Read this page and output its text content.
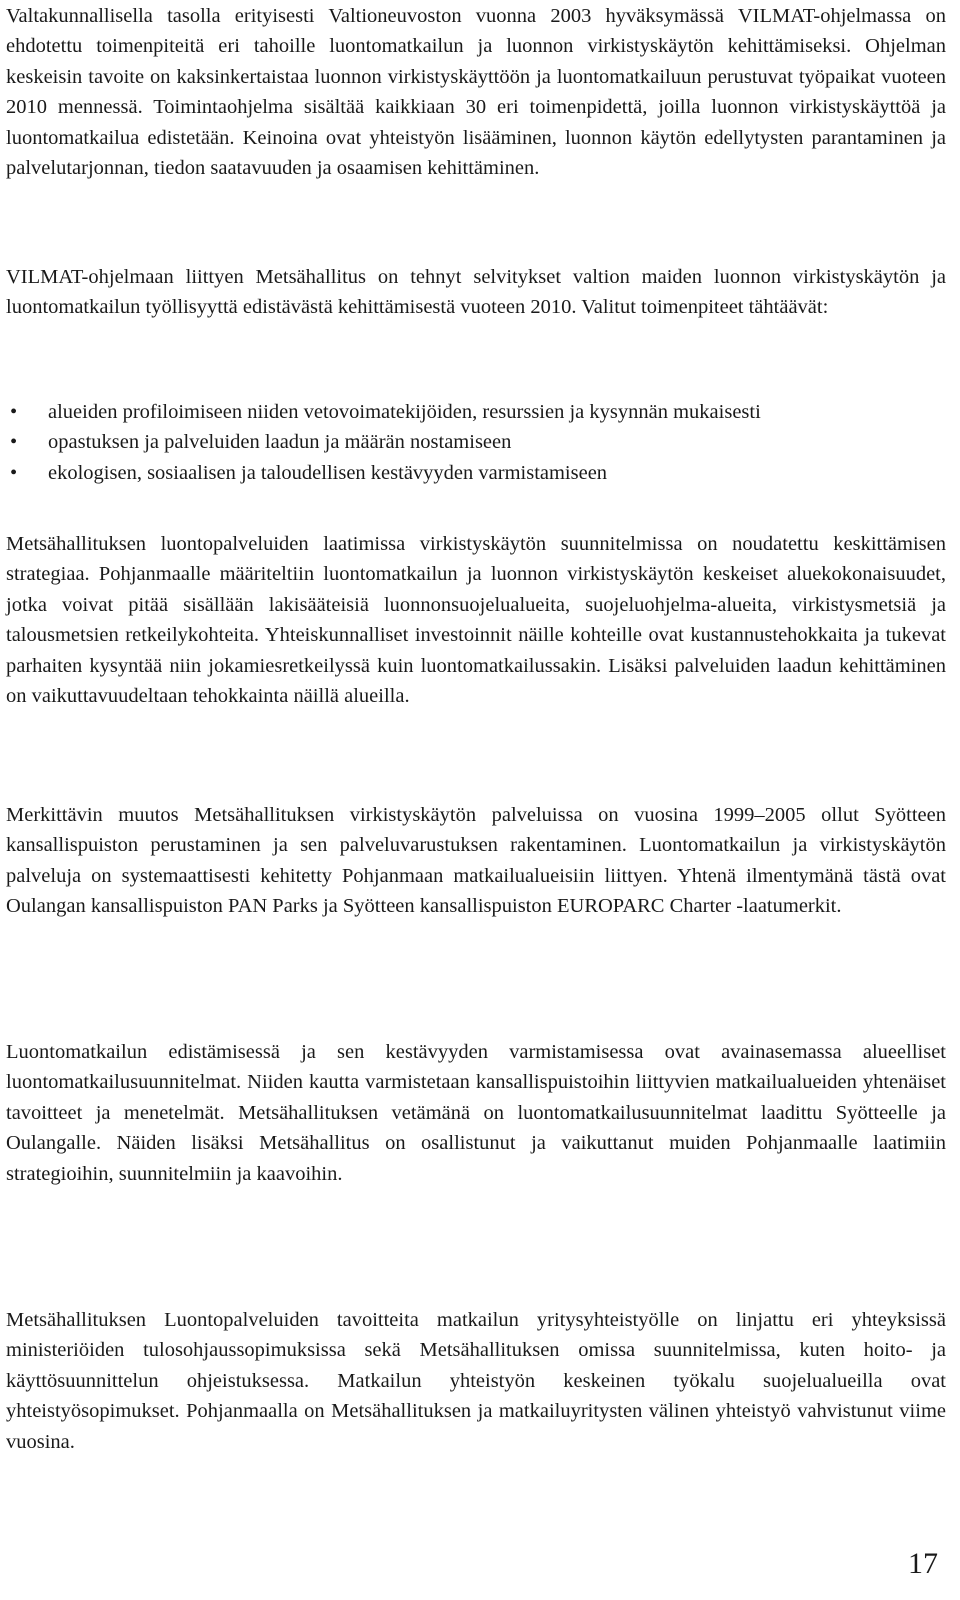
Valtakunnallisella tasolla erityisesti Valtioneuvoston vuonna 2003 hyväksymässä VILMAT-ohjelmassa on ehdotettu toimenpiteitä eri tahoille luontomatkailun ja luonnon virkistyskäytön kehittämiseksi. Ohjelman keskeisin tavoite on kaksinkertaistaa luonnon virkistyskäyttöön ja luontomatkailuun perustuvat työpaikat vuoteen 2010 mennessä. Toimintaohjelma sisältää kaikkiaan 30 eri toimenpidettä, joilla luonnon virkistyskäyttöä ja luontomatkailua edistetään. Keinoina ovat yhteistyön lisääminen, luonnon käytön edellytysten parantaminen ja palvelutarjonnan, tiedon saatavuuden ja osaamisen kehittäminen.

VILMAT-ohjelmaan liittyen Metsähallitus on tehnyt selvitykset valtion maiden luonnon virkistyskäytön ja luontomatkailun työllisyyttä edistävästä kehittämisestä vuoteen 2010. Valitut toimenpiteet tähtäävät:

• alueiden profiloimiseen niiden vetovoimatekijöiden, resurssien ja kysynnän mukaisesti
• opastuksen ja palveluiden laadun ja määrän nostamiseen
• ekologisen, sosiaalisen ja taloudellisen kestävyyden varmistamiseen

Metsähallituksen luontopalveluiden laatimissa virkistyskäytön suunnitelmissa on noudatettu keskittämisen strategiaa. Pohjanmaalle määriteltiin luontomatkailun ja luonnon virkistyskäytön keskeiset aluekokonaisuudet, jotka voivat pitää sisällään lakisääteisiä luonnonsuojelualueita, suojeluohjelma-alueita, virkistysmetsiä ja talousmetsien retkeilykohteita. Yhteiskunnalliset investoinnit näille kohteille ovat kustannustehokkaita ja tukevat parhaiten kysyntää niin jokamiesretkeilyssä kuin luontomatkailussakin. Lisäksi palveluiden laadun kehittäminen on vaikuttavuudeltaan tehokkainta näillä alueilla.

Merkittävin muutos Metsähallituksen virkistyskäytön palveluissa on vuosina 1999–2005 ollut Syötteen kansallispuiston perustaminen ja sen palveluvarustuksen rakentaminen. Luontomatkailun ja virkistyskäytön palveluja on systemaattisesti kehitetty Pohjanmaan matkailualueisiin liittyen. Yhtenä ilmentymänä tästä ovat Oulangan kansallispuiston PAN Parks ja Syötteen kansallispuiston EUROPARC Charter -laatumerkit.

Luontomatkailun edistämisessä ja sen kestävyyden varmistamisessa ovat avainasemassa alueelliset luontomatkailusuunnitelmat. Niiden kautta varmistetaan kansallispuistoihin liittyvien matkailualueiden yhtenäiset tavoitteet ja menetelmät. Metsähallituksen vetämänä on luontomatkailusuunnitelmat laadittu Syötteelle ja Oulangalle. Näiden lisäksi Metsähallitus on osallistunut ja vaikuttanut muiden Pohjanmaalle laatimiin strategioihin, suunnitelmiin ja kaavoihin.

Metsähallituksen Luontopalveluiden tavoitteita matkailun yritysyhteistyölle on linjattu eri yhteyksissä ministeriöiden tulosohjaussopimuksissa sekä Metsähallituksen omissa suunnitelmissa, kuten hoito- ja käyttösuunnittelun ohjeistuksessa. Matkailun yhteistyön keskeinen työkalu suojelualueilla ovat yhteistyösopimukset. Pohjanmaalla on Metsähallituksen ja matkailuyritysten välinen yhteistyö vahvistunut viime vuosina.

17
